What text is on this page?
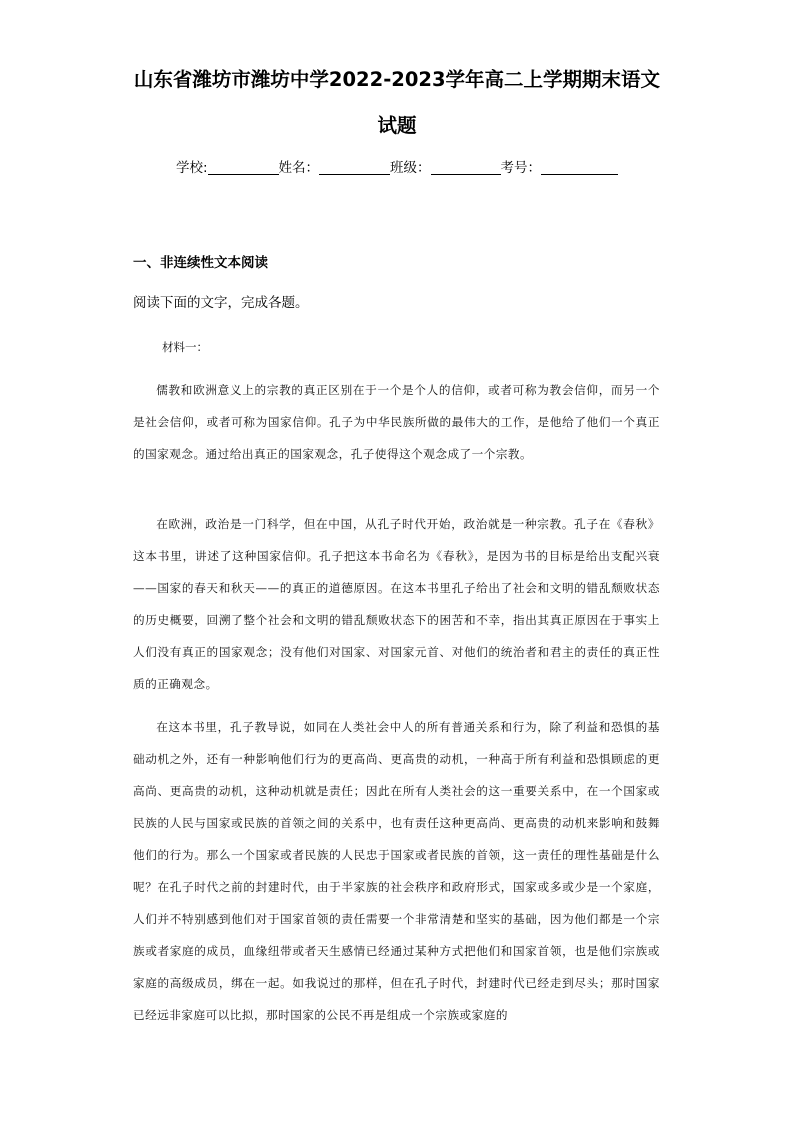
山东省潍坊市潍坊中学2022-2023学年高二上学期期末语文
试题
学校:	姓名：	班级：	考号：
一、非连续性文本阅读
阅读下面的文字，完成各题。
材料一：
儒教和欧洲意义上的宗教的真正区别在于一个是个人的信仰，或者可称为教会信仰，而另一个是社会信仰，或者可称为国家信仰。孔子为中华民族所做的最伟大的工作，是他给了他们一个真正的国家观念。通过给出真正的国家观念，孔子使得这个观念成了一个宗教。
在欧洲，政治是一门科学，但在中国，从孔子时代开始，政治就是一种宗教。孔子在《春秋》这本书里，讲述了这种国家信仰。孔子把这本书命名为《春秋》，是因为书的目标是给出支配兴衰——国家的春天和秋天——的真正的道德原因。在这本书里孔子给出了社会和文明的错乱颓败状态的历史概要，回溯了整个社会和文明的错乱颓败状态下的困苦和不幸，指出其真正原因在于事实上人们没有真正的国家观念；没有他们对国家、对国家元首、对他们的统治者和君主的责任的真正性质的正确观念。
在这本书里，孔子教导说，如同在人类社会中人的所有普通关系和行为，除了利益和恐惧的基础动机之外，还有一种影响他们行为的更高尚、更高贵的动机，一种高于所有利益和恐惧顾虑的更高尚、更高贵的动机，这种动机就是责任；因此在所有人类社会的这一重要关系中，在一个国家或民族的人民与国家或民族的首领之间的关系中，也有责任这种更高尚、更高贵的动机来影响和鼓舞他们的行为。那么一个国家或者民族的人民忠于国家或者民族的首领，这一责任的理性基础是什么呢？在孔子时代之前的封建时代，由于半家族的社会秩序和政府形式，国家或多或少是一个家庭，人们并不特别感到他们对于国家首领的责任需要一个非常清楚和坚实的基础，因为他们都是一个宗族或者家庭的成员，血缘纽带或者天生感情已经通过某种方式把他们和国家首领，也是他们宗族或家庭的高级成员，绑在一起。如我说过的那样，但在孔子时代，封建时代已经走到尽头；那时国家已经远非家庭可以比拟，那时国家的公民不再是组成一个宗族或家庭的
